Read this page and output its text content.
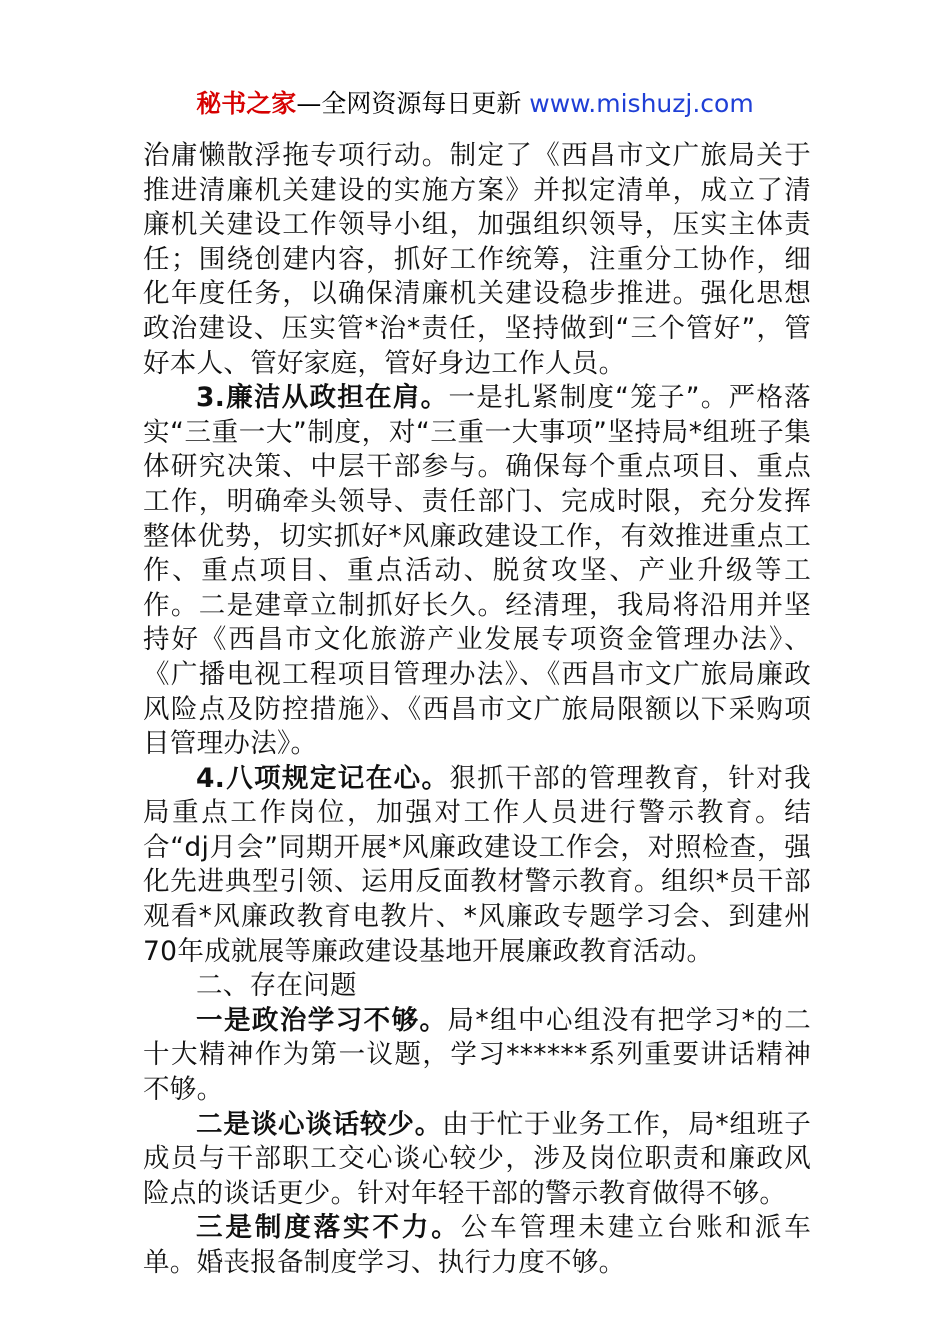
秘书之家—全网资源每日更新 www.mishuzj.com

治庸懒散浮拖专项行动。制定了《西昌市文广旅局关于推进清廉机关建设的实施方案》并拟定清单，成立了清廉机关建设工作领导小组，加强组织领导，压实主体责任；围绕创建内容，抓好工作统筹，注重分工协作，细化年度任务，以确保清廉机关建设稳步推进。强化思想政治建设、压实管*治*责任，坚持做到“三个管好”，管好本人、管好家庭，管好身边工作人员。

3.廉洁从政担在肩。一是扎紧制度“笼子”。严格落实“三重一大”制度，对“三重一大事项”坚持局*组班子集体研究决策、中层干部参与。确保每个重点项目、重点工作，明确牵头领导、责任部门、完成时限，充分发挥整体优势，切实抓好*风廉政建设工作，有效推进重点工作、重点项目、重点活动、脱贫攻坚、产业升级等工作。二是建章立制抓好长久。经清理，我局将沿用并坚持好《西昌市文化旅游产业发展专项资金管理办法》、《广播电视工程项目管理办法》、《西昌市文广旅局廉政风险点及防控措施》、《西昌市文广旅局限额以下采购项目管理办法》。

4.八项规定记在心。狠抓干部的管理教育，针对我局重点工作岗位，加强对工作人员进行警示教育。结合“dj月会”同期开展*风廉政建设工作会，对照检查，强化先进典型引领、运用反面教材警示教育。组织*员干部观看*风廉政教育电教片、*风廉政专题学习会、到建州70年成就展等廉政建设基地开展廉政教育活动。

二、存在问题

一是政治学习不够。局*组中心组没有把学习*的二十大精神作为第一议题，学习******系列重要讲话精神不够。

二是谈心谈话较少。由于忙于业务工作，局*组班子成员与干部职工交心谈心较少，涉及岗位职责和廉政风险点的谈话更少。针对年轻干部的警示教育做得不够。

三是制度落实不力。公车管理未建立台账和派车单。婚丧报备制度学习、执行力度不够。
